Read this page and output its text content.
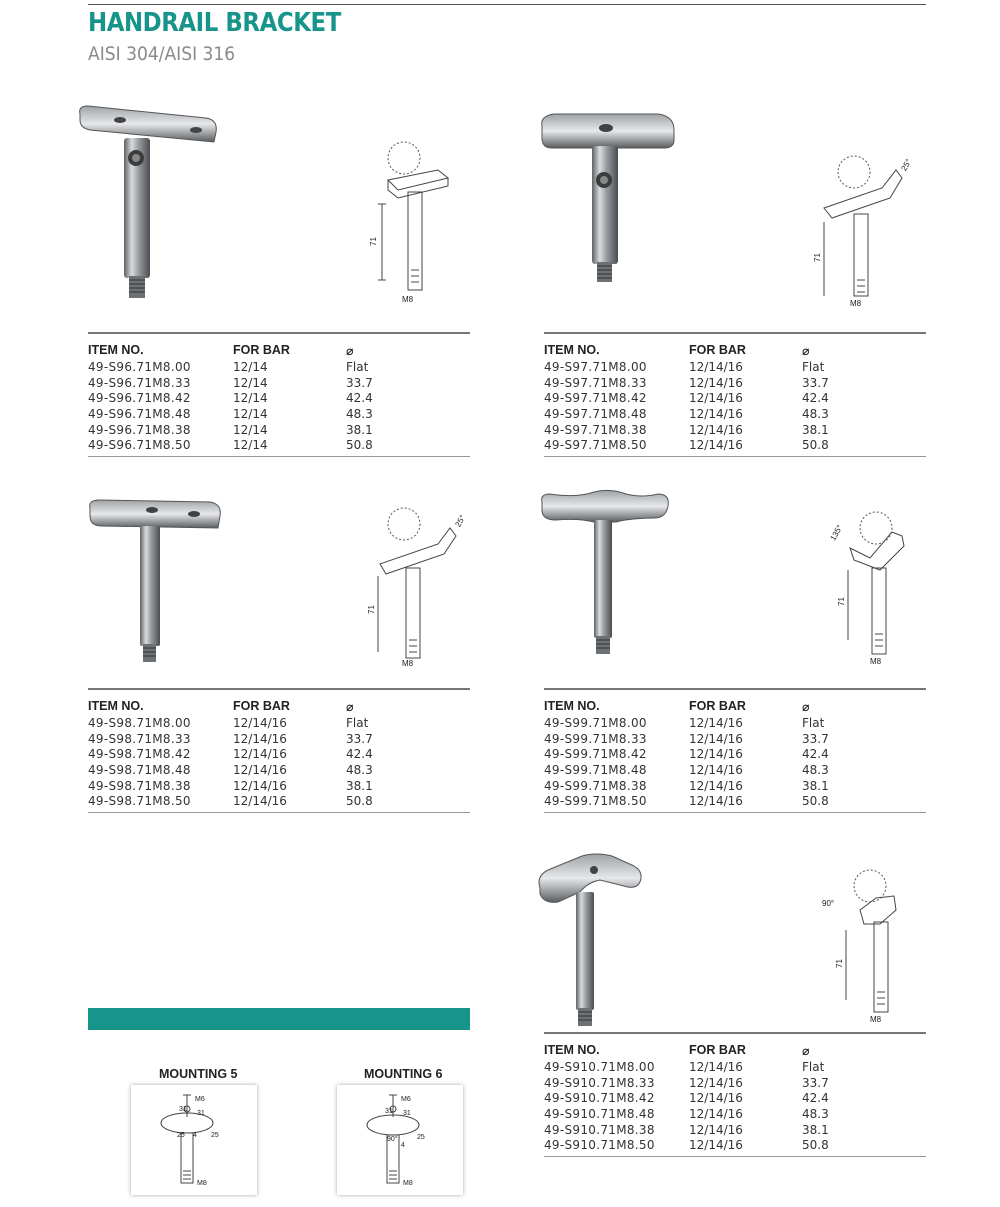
HANDRAIL BRACKET
AISI 304/AISI 316
71
M8
ITEM NO.	FOR BAR	⌀
49-S96.71M8.00	12/14	Flat
49-S96.71M8.33	12/14	33.7
49-S96.71M8.42	12/14	42.4
49-S96.71M8.48	12/14	48.3
49-S96.71M8.38	12/14	38.1
49-S96.71M8.50	12/14	50.8
25°
71
M8
ITEM NO.	FOR BAR	⌀
49-S97.71M8.00	12/14/16	Flat
49-S97.71M8.33	12/14/16	33.7
49-S97.71M8.42	12/14/16	42.4
49-S97.71M8.48	12/14/16	48.3
49-S97.71M8.38	12/14/16	38.1
49-S97.71M8.50	12/14/16	50.8
25°
71
M8
ITEM NO.	FOR BAR	⌀
49-S98.71M8.00	12/14/16	Flat
49-S98.71M8.33	12/14/16	33.7
49-S98.71M8.42	12/14/16	42.4
49-S98.71M8.48	12/14/16	48.3
49-S98.71M8.38	12/14/16	38.1
49-S98.71M8.50	12/14/16	50.8
135°
71
M8
ITEM NO.	FOR BAR	⌀
49-S99.71M8.00	12/14/16	Flat
49-S99.71M8.33	12/14/16	33.7
49-S99.71M8.42	12/14/16	42.4
49-S99.71M8.48	12/14/16	48.3
49-S99.71M8.38	12/14/16	38.1
49-S99.71M8.50	12/14/16	50.8
90°
71
M8
ITEM NO.	FOR BAR	⌀
49-S910.71M8.00	12/14/16	Flat
49-S910.71M8.33	12/14/16	33.7
49-S910.71M8.42	12/14/16	42.4
49-S910.71M8.48	12/14/16	48.3
49-S910.71M8.38	12/14/16	38.1
49-S910.71M8.50	12/14/16	50.8
MOUNTING 5
M6
31
31
25	25
4
M8
MOUNTING 6
M6
31 31
90°	25
4
M8
